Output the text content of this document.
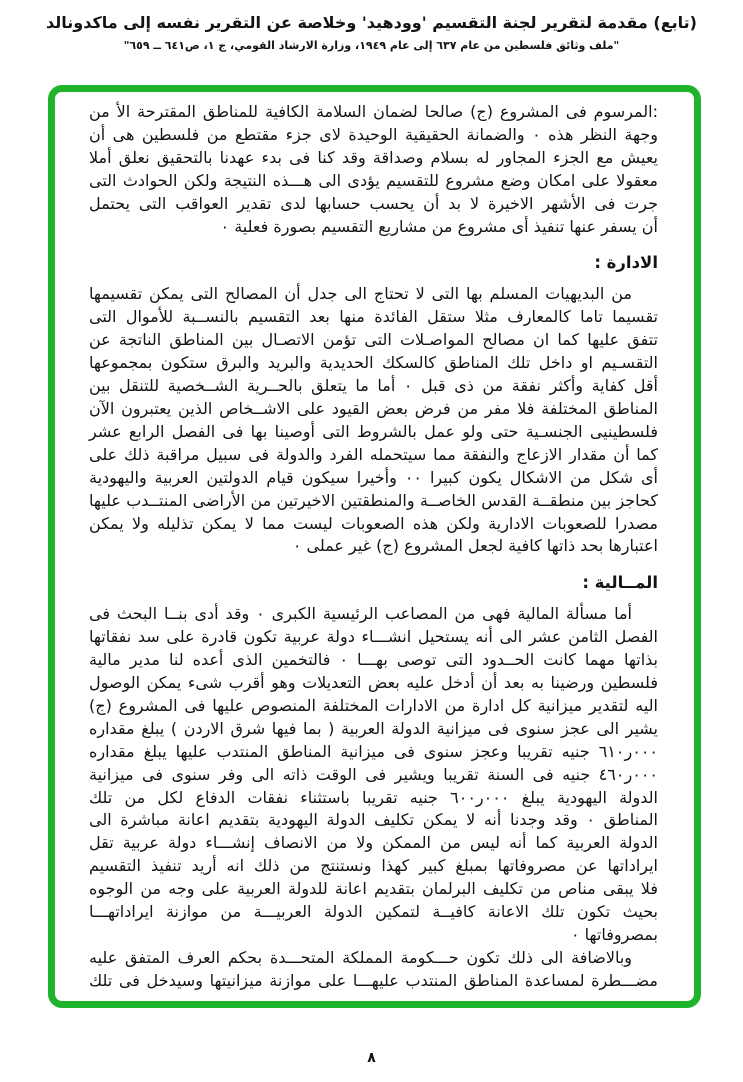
(تابع) مقدمة لتقرير لجنة التقسيم 'وودهيد' وخلاصة عن التقرير نفسه إلى ماكدونالد
"ملف وثائق فلسطين من عام ٦٣٧ إلى عام ١٩٤٩، وزارة الارشاد القومي، ج ١، ص٦٤١ ــ ٦٥٩"
:المرسوم فى المشروع (ج) صالحا لضمان السلامة الكافية للمناطق المقترحة الأ من
وجهة النظر هذه ٠ والضمانة الحقيقية الوحيدة لاى جزء مقتطع من فلسطين هى أن
يعيش مع الجزء المجاور له بسلام وصداقة وقد كنا فى بدء عهدنا بالتحقيق نعلق أملا
معقولا على امكان وضع مشروع للتقسيم يؤدى الى هـــذه النتيجة ولكن الحوادث التى
جرت فى الأشهر الاخيرة لا بد أن يحسب حسابها لدى تقدير العواقب التى يحتمل
أن يسفر عنها تنفيذ أى مشروع من مشاريع التقسيم بصورة فعلية ٠
الادارة :
من البديهيات المسلم بها التى لا تحتاج الى جدل أن المصالح التى يمكن تقسيمها
تقسيما تاما كالمعارف مثلا ستقل الفائدة منها بعد التقسيم بالنســبة للأموال التى
تتفق عليها كما ان مصالح المواصـلات التى تؤمن الاتصـال بين المناطق الناتجة عن
التقسـيم او داخل تلك المناطق كالسكك الحديدية والبريد والبرق ستكون بمجموعها
أقل كفاية وأكثر نفقة من ذى قبل ٠ أما ما يتعلق بالحــرية الشــخصية للتنقل بين
المناطق المختلفة فلا مفر من فرض بعض القيود على الاشــخاص الذين يعتبرون الآن
فلسطينيى الجنسـية حتى ولو عمل بالشروط التى أوصينا بها فى الفصل الرابع عشر
كما أن مقدار الازعاج والنفقة مما سيتحمله الفرد والدولة فى سبيل مراقبة ذلك على
أى شكل من الاشكال يكون كبيرا ٠٠ وأخيرا سيكون قيام الدولتين العربية واليهودية
كحاجز بين منطقــة القدس الخاصــة والمنطقتين الاخيرتين من الأراضى المنتــدب عليها
مصدرا للصعوبات الادارية ولكن هذه الصعوبات ليست مما لا يمكن تذليله ولا يمكن
اعتبارها بحد ذاتها كافية لجعل المشروع (ج) غير عملى ٠
المــالية :
أما مسألة المالية فهى من المصاعب الرئيسية الكبرى ٠ وقد أدى بنــا البحث فى
الفصل الثامن عشر الى أنه يستحيل انشـــاء دولة عربية تكون قادرة على سد نفقاتها
بذاتها مهما كانت الحــدود التى توصى بهـــا ٠ فالتخمين الذى أعده لنا مدير مالية
فلسطين ورضينا به بعد أن أدخل عليه بعض التعديلات وهو أقرب شىء يمكن الوصول
اليه لتقدير ميزانية كل ادارة من الادارات المختلفة المنصوص عليها فى المشروع (ج)
يشير الى عجز سنوى فى ميزانية الدولة العربية ( بما فيها شرق الاردن ) يبلغ مقداره
٠٠٠ر٦١٠ جنيه تقريبا وعجز سنوى فى ميزانية المناطق المنتدب عليها يبلغ مقداره
٠٠٠ر٤٦٠ جنيه فى السنة تقريبا ويشير فى الوقت ذاته الى وفر سنوى فى ميزانية
الدولة اليهودية يبلغ ٠٠٠ر٦٠٠ جنيه تقريبا باستثناء نفقات الدفاع لكل من تلك
المناطق ٠ وقد وجدنا أنه لا يمكن تكليف الدولة اليهودية بتقديم اعانة مباشرة الى
الدولة العربية كما أنه ليس من الممكن ولا من الانصاف إنشـــاء دولة عربية تقل
ايراداتها عن مصروفاتها بمبلغ كبير كهذا ونستنتج من ذلك انه أريد تنفيذ التقسيم
فلا يبقى مناص من تكليف البرلمان بتقديم اعانة للدولة العربية على وجه من الوجوه
بحيث تكون تلك الاعانة كافيــة لتمكين الدولة العربيـــة من موازنة ايراداتهـــا
بمصروفاتها ٠
وبالاضافة الى ذلك تكون حـــكومة المملكة المتحـــدة بحكم العرف المتفق عليه
مضـــطرة لمساعدة المناطق المنتدب عليهـــا على موازنة ميزانيتها وسيدخل فى تلك
٨
